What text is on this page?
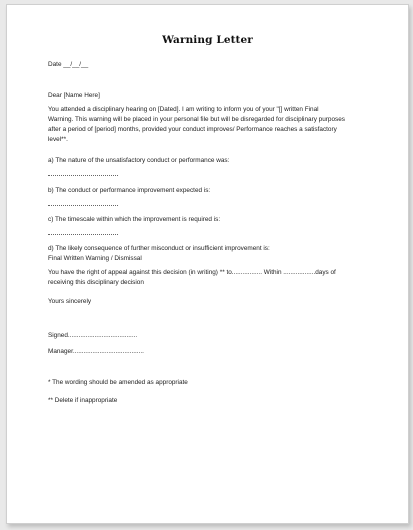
Warning Letter
Date __/__/__
Dear [Name Here]
You attended a disciplinary hearing on [Dated]. I am writing to inform you of your "[] written Final
Warning. This warning will be placed in your personal file but will be disregarded for disciplinary purposes
after a period of [period] months, provided your conduct improves/ Performance reaches a satisfactory
level**.
a) The nature of the unsatisfactory conduct or performance was:
b) The conduct or performance improvement expected is:
c) The timescale within which the improvement is required is:
d) The likely consequence of further misconduct or insufficient improvement is:
Final Written Warning / Dismissal
You have the right of appeal against this decision (in writing) ** to................. Within ..................days of
receiving this disciplinary decision
Yours sincerely
Signed.......................................
Manager........................................
* The wording should be amended as appropriate
** Delete if inappropriate
